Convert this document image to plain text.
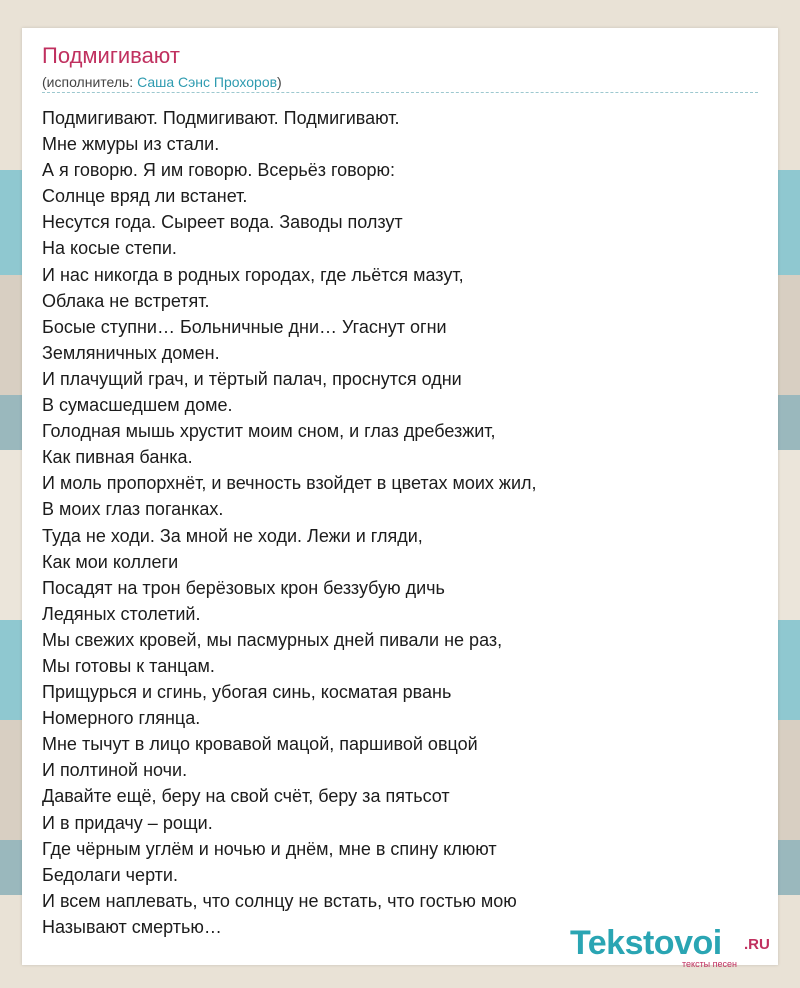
Подмигивают
(исполнитель: Саша Сэнс Прохоров)
Подмигивают. Подмигивают. Подмигивают.
Мне жмуры из стали.
А я говорю. Я им говорю. Всерьёз говорю:
Солнце вряд ли встанет.
Несутся года. Сыреет вода. Заводы ползут
На косые степи.
И нас никогда в родных городах, где льётся мазут,
Облака не встретят.
Босые ступни… Больничные дни… Угаснут огни
Земляничных домен.
И плачущий грач, и тёртый палач, проснутся одни
В сумасшедшем доме.
Голодная мышь хрустит моим сном, и глаз дребезжит,
Как пивная банка.
И моль пропорхнёт, и вечность взойдет в цветах моих жил,
В моих глаз поганках.
Туда не ходи. За мной не ходи. Лежи и гляди,
Как мои коллеги
Посадят на трон берёзовых крон беззубую дичь
Ледяных столетий.
Мы свежих кровей, мы пасмурных дней пивали не раз,
Мы готовы к танцам.
Прищурься и сгинь, убогая синь, косматая рвань
Номерного глянца.
Мне тычут в лицо кровавой мацой, паршивой овцой
И полтиной ночи.
Давайте ещё, беру на свой счёт, беру за пятьсот
И в придачу – рощи.
Где чёрным углём и ночью и днём, мне в спину клюют
Бедолаги черти.
И всем наплевать, что солнцу не встать, что гостью мою
Называют смертью…	Tekstovoi .RU
тексты песен
